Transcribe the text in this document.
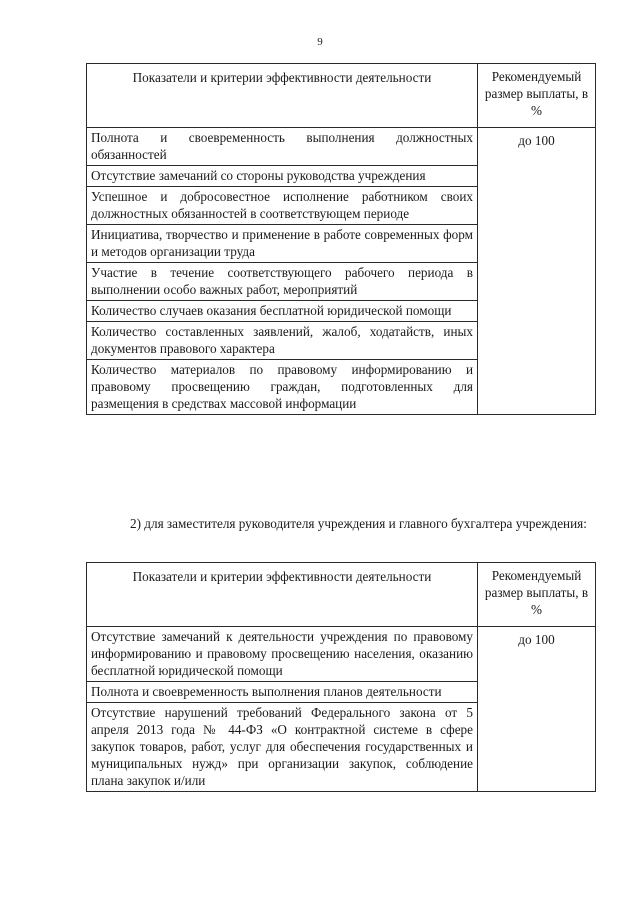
9
Показатели и критерии эффективности деятельности	Рекомендуемый размер выплаты, в %
Полнота и своевременность выполнения должностных обязанностей	до 100
Отсутствие замечаний со стороны руководства учреждения	
Успешное и добросовестное исполнение работником своих должностных обязанностей в соответствующем периоде	
Инициатива, творчество и применение в работе современных форм и методов организации труда	
Участие в течение соответствующего рабочего периода в выполнении особо важных работ, мероприятий	
Количество случаев оказания бесплатной юридической помощи	
Количество составленных заявлений, жалоб, ходатайств, иных документов правового характера	
Количество материалов по правовому информированию и правовому просвещению граждан, подготовленных для размещения в средствах массовой информации	

2) для заместителя руководителя учреждения и главного бухгалтера учреждения:

Показатели и критерии эффективности деятельности	Рекомендуемый размер выплаты, в %
Отсутствие замечаний к деятельности учреждения по правовому информированию и правовому просвещению населения, оказанию бесплатной юридической помощи	до 100
Полнота и своевременность выполнения планов деятельности	
Отсутствие нарушений требований Федерального закона от 5 апреля 2013 года № 44-ФЗ «О контрактной системе в сфере закупок товаров, работ, услуг для обеспечения государственных и муниципальных нужд» при организации закупок, соблюдение плана закупок и/или	
